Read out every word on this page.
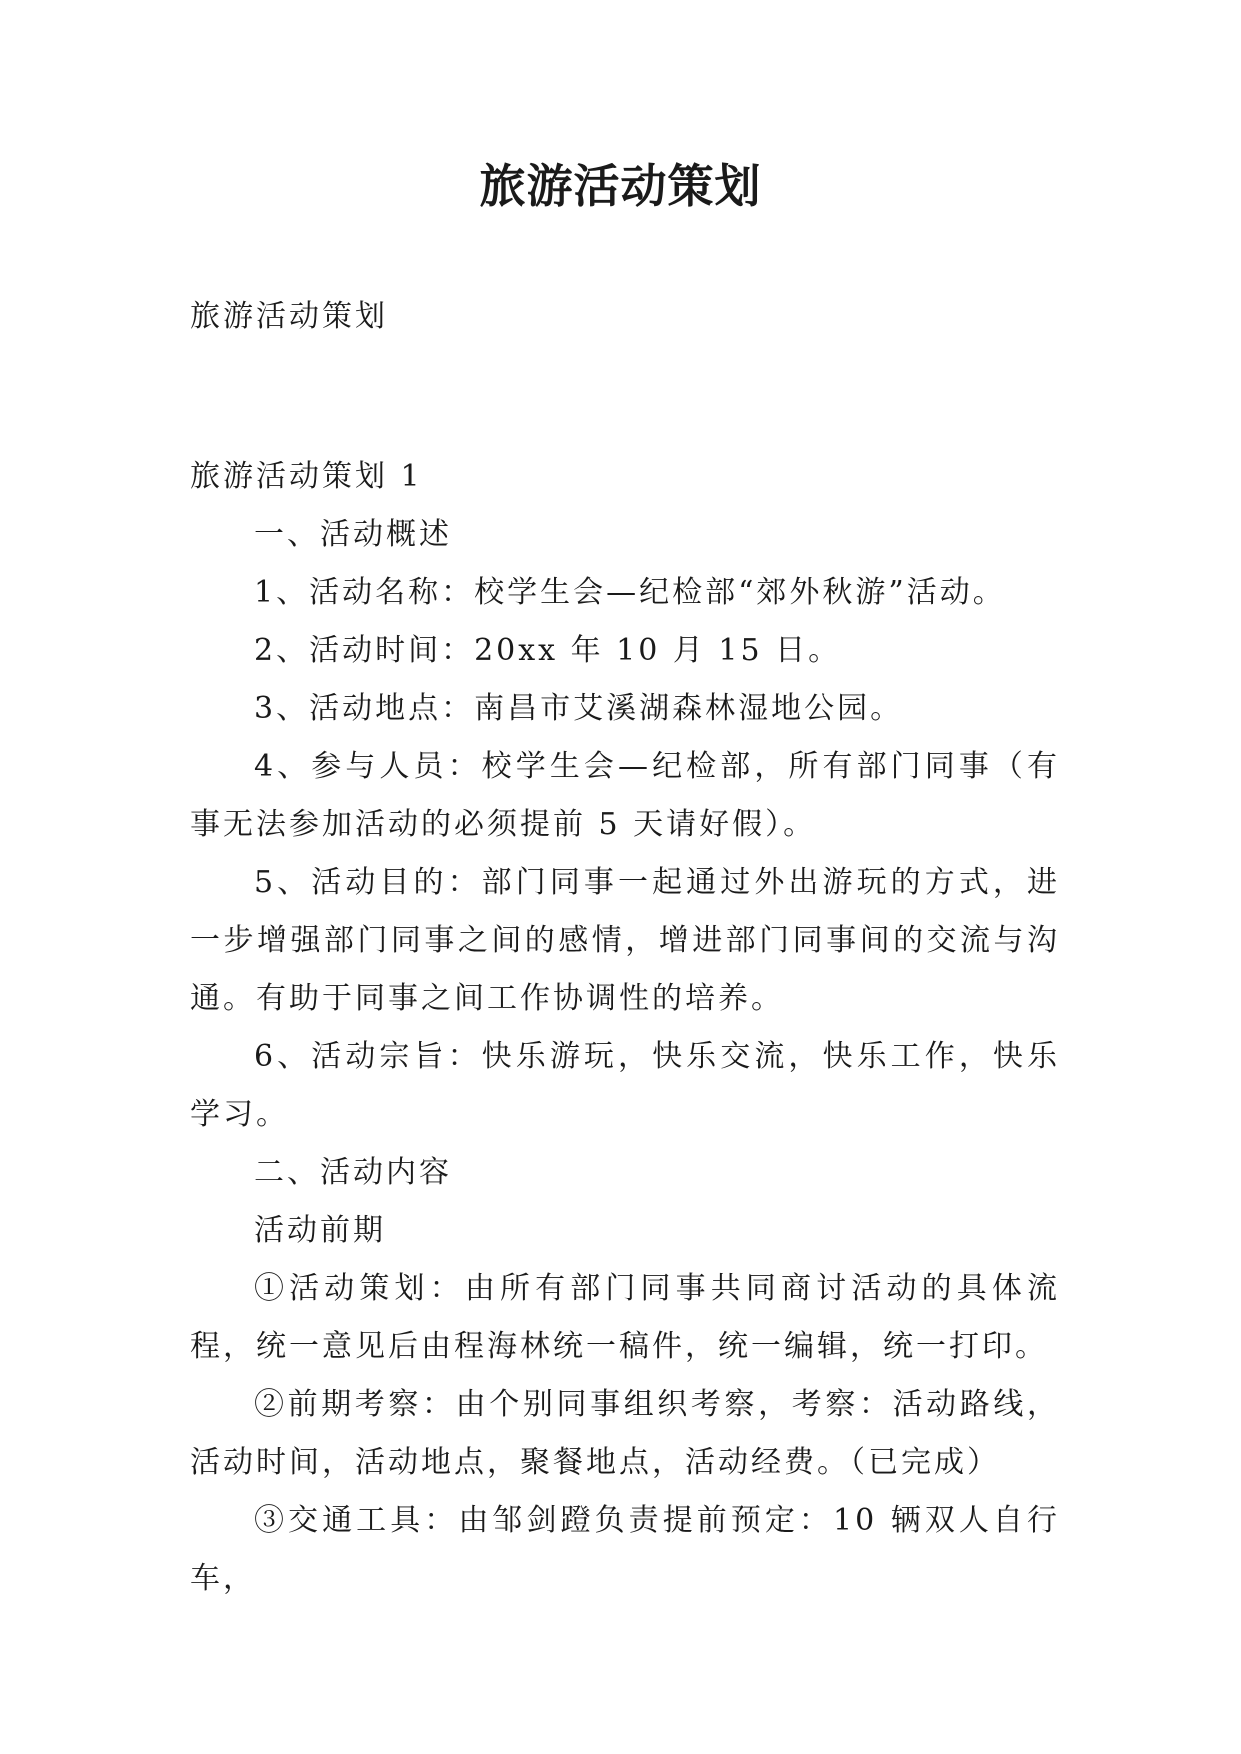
旅游活动策划

旅游活动策划

旅游活动策划 1

一、活动概述

1、活动名称：校学生会—纪检部“郊外秋游”活动。

2、活动时间：20xx 年 10 月 15 日。

3、活动地点：南昌市艾溪湖森林湿地公园。

4、参与人员：校学生会—纪检部，所有部门同事（有事无法参加活动的必须提前 5 天请好假）。

5、活动目的：部门同事一起通过外出游玩的方式，进一步增强部门同事之间的感情，增进部门同事间的交流与沟通。有助于同事之间工作协调性的培养。

6、活动宗旨：快乐游玩，快乐交流，快乐工作，快乐学习。

二、活动内容

活动前期

①活动策划：由所有部门同事共同商讨活动的具体流程，统一意见后由程海林统一稿件，统一编辑，统一打印。

②前期考察：由个别同事组织考察，考察：活动路线，活动时间，活动地点，聚餐地点，活动经费。（已完成）

③交通工具：由邹剑蹬负责提前预定：10 辆双人自行车，
